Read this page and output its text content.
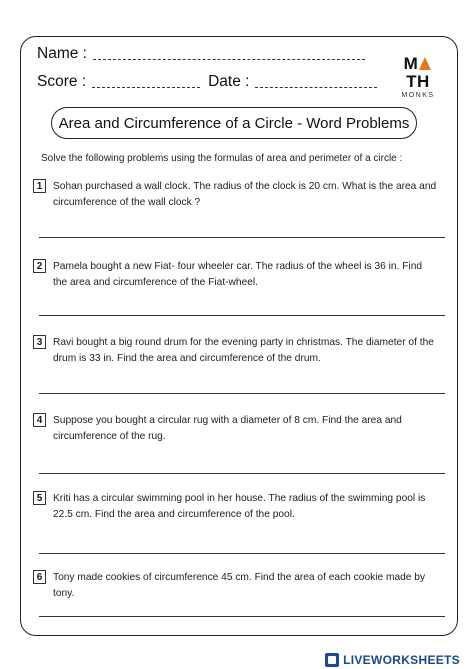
Name :
Score :	Date :
MTH
MONKS
Area and Circumference of a Circle - Word Problems
Solve the following problems using the formulas of area and perimeter of a circle :
1	Sohan purchased a wall clock. The radius of the clock is 20 cm. What is the area and circumference of the wall clock ?
2	Pamela bought a new Fiat- four wheeler car. The radius of the wheel is 36 in. Find the area and circumference of the Fiat-wheel.
3	Ravi bought a big round drum for the evening party in christmas. The diameter of the drum is 33 in. Find the area and circumference of the drum.
4	Suppose you bought a circular rug with a diameter of 8 cm. Find the area and circumference of the rug.
5	Kriti has a circular swimming pool in her house. The radius of the swimming pool is 22.5 cm. Find the area and circumference of the pool.
6	Tony made cookies of circumference 45 cm. Find the area of each cookie made by tony.
LIVEWORKSHEETS
